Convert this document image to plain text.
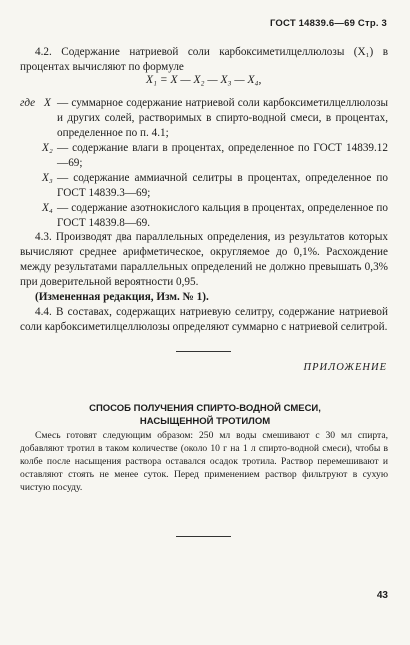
ГОСТ 14839.6—69 Стр. 3
4.2. Содержание натриевой соли карбоксиметилцеллюлозы (X₁) в процентах вычисляют по формуле
X₁ = X — X₂ — X₃ — X₄,
где X — суммарное содержание натриевой соли карбоксиметилцеллюлозы и других солей, растворимых в спирто-водной смеси, в процентах, определенное по п. 4.1;
X₂ — содержание влаги в процентах, определенное по ГОСТ 14839.12—69;
X₃ — содержание аммиачной селитры в процентах, определенное по ГОСТ 14839.3—69;
X₄ — содержание азотнокислого кальция в процентах, определенное по ГОСТ 14839.8—69.
4.3. Производят два параллельных определения, из результатов которых вычисляют среднее арифметическое, округляемое до 0,1%. Расхождение между результатами параллельных определений не должно превышать 0,3% при доверительной вероятности 0,95.
(Измененная редакция, Изм. № 1).
4.4. В составах, содержащих натриевую селитру, содержание натриевой соли карбоксиметилцеллюлозы определяют суммарно с натриевой селитрой.
ПРИЛОЖЕНИЕ
СПОСОБ ПОЛУЧЕНИЯ СПИРТО-ВОДНОЙ СМЕСИ,
НАСЫЩЕННОЙ ТРОТИЛОМ
Смесь готовят следующим образом: 250 мл воды смешивают с 30 мл спирта, добавляют тротил в таком количестве (около 10 г на 1 л спирто-водной смеси), чтобы в колбе после насыщения раствора оставался осадок тротила. Раствор перемешивают и оставляют стоять не менее суток. Перед применением раствор фильтруют в сухую чистую посуду.
43
